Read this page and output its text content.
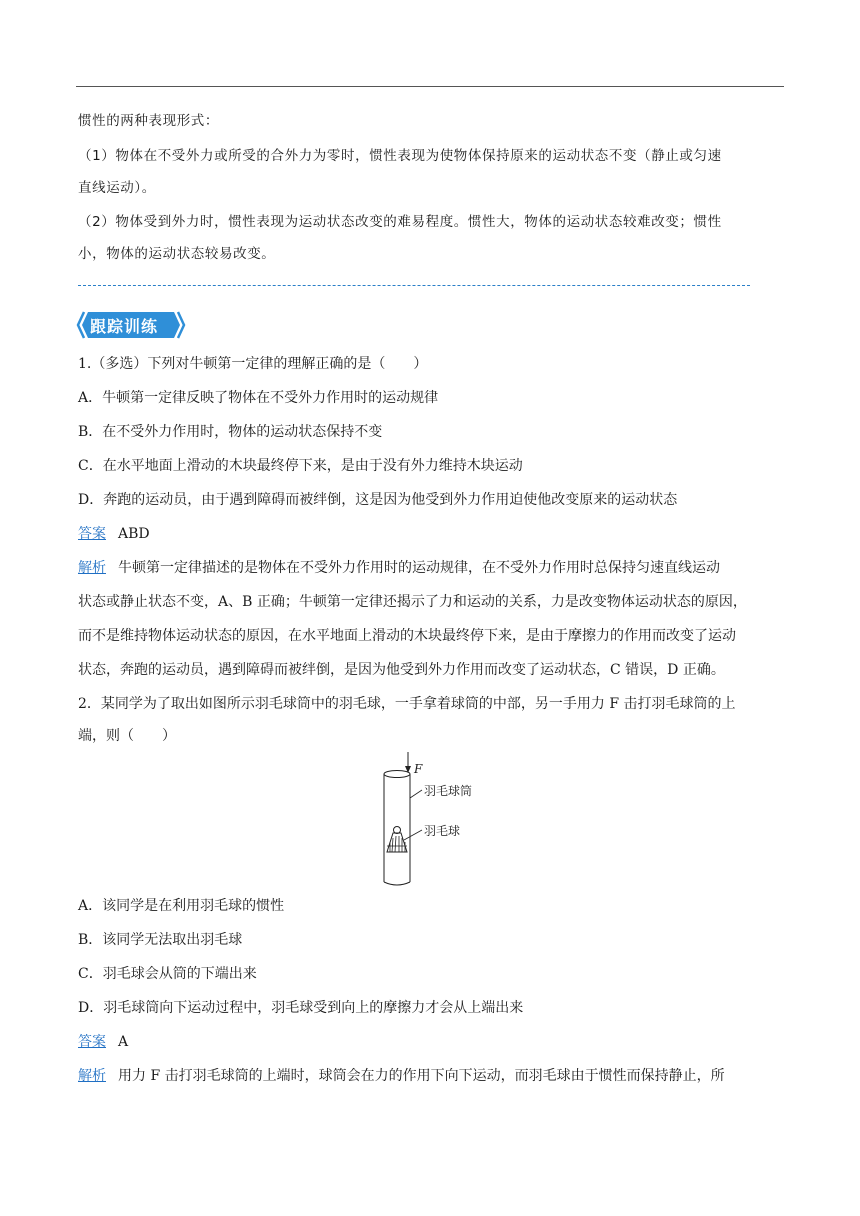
惯性的两种表现形式：
（1）物体在不受外力或所受的合外力为零时，惯性表现为使物体保持原来的运动状态不变（静止或匀速
直线运动）。
（2）物体受到外力时，惯性表现为运动状态改变的难易程度。惯性大，物体的运动状态较难改变；惯性
小，物体的运动状态较易改变。
跟踪训练
1.（多选）下列对牛顿第一定律的理解正确的是（　　）
A．牛顿第一定律反映了物体在不受外力作用时的运动规律
B．在不受外力作用时，物体的运动状态保持不变
C．在水平地面上滑动的木块最终停下来，是由于没有外力维持木块运动
D．奔跑的运动员，由于遇到障碍而被绊倒，这是因为他受到外力作用迫使他改变原来的运动状态
答案 ABD
解析 牛顿第一定律描述的是物体在不受外力作用时的运动规律，在不受外力作用时总保持匀速直线运动
状态或静止状态不变，A、B 正确；牛顿第一定律还揭示了力和运动的关系，力是改变物体运动状态的原因，
而不是维持物体运动状态的原因，在水平地面上滑动的木块最终停下来，是由于摩擦力的作用而改变了运动
状态，奔跑的运动员，遇到障碍而被绊倒，是因为他受到外力作用而改变了运动状态，C 错误，D 正确。
2．某同学为了取出如图所示羽毛球筒中的羽毛球，一手拿着球筒的中部，另一手用力 F 击打羽毛球筒的上
端，则（　　）
F
羽毛球筒
羽毛球
A．该同学是在利用羽毛球的惯性
B．该同学无法取出羽毛球
C．羽毛球会从筒的下端出来
D．羽毛球筒向下运动过程中，羽毛球受到向上的摩擦力才会从上端出来
答案 A
解析 用力 F 击打羽毛球筒的上端时，球筒会在力的作用下向下运动，而羽毛球由于惯性而保持静止，所
